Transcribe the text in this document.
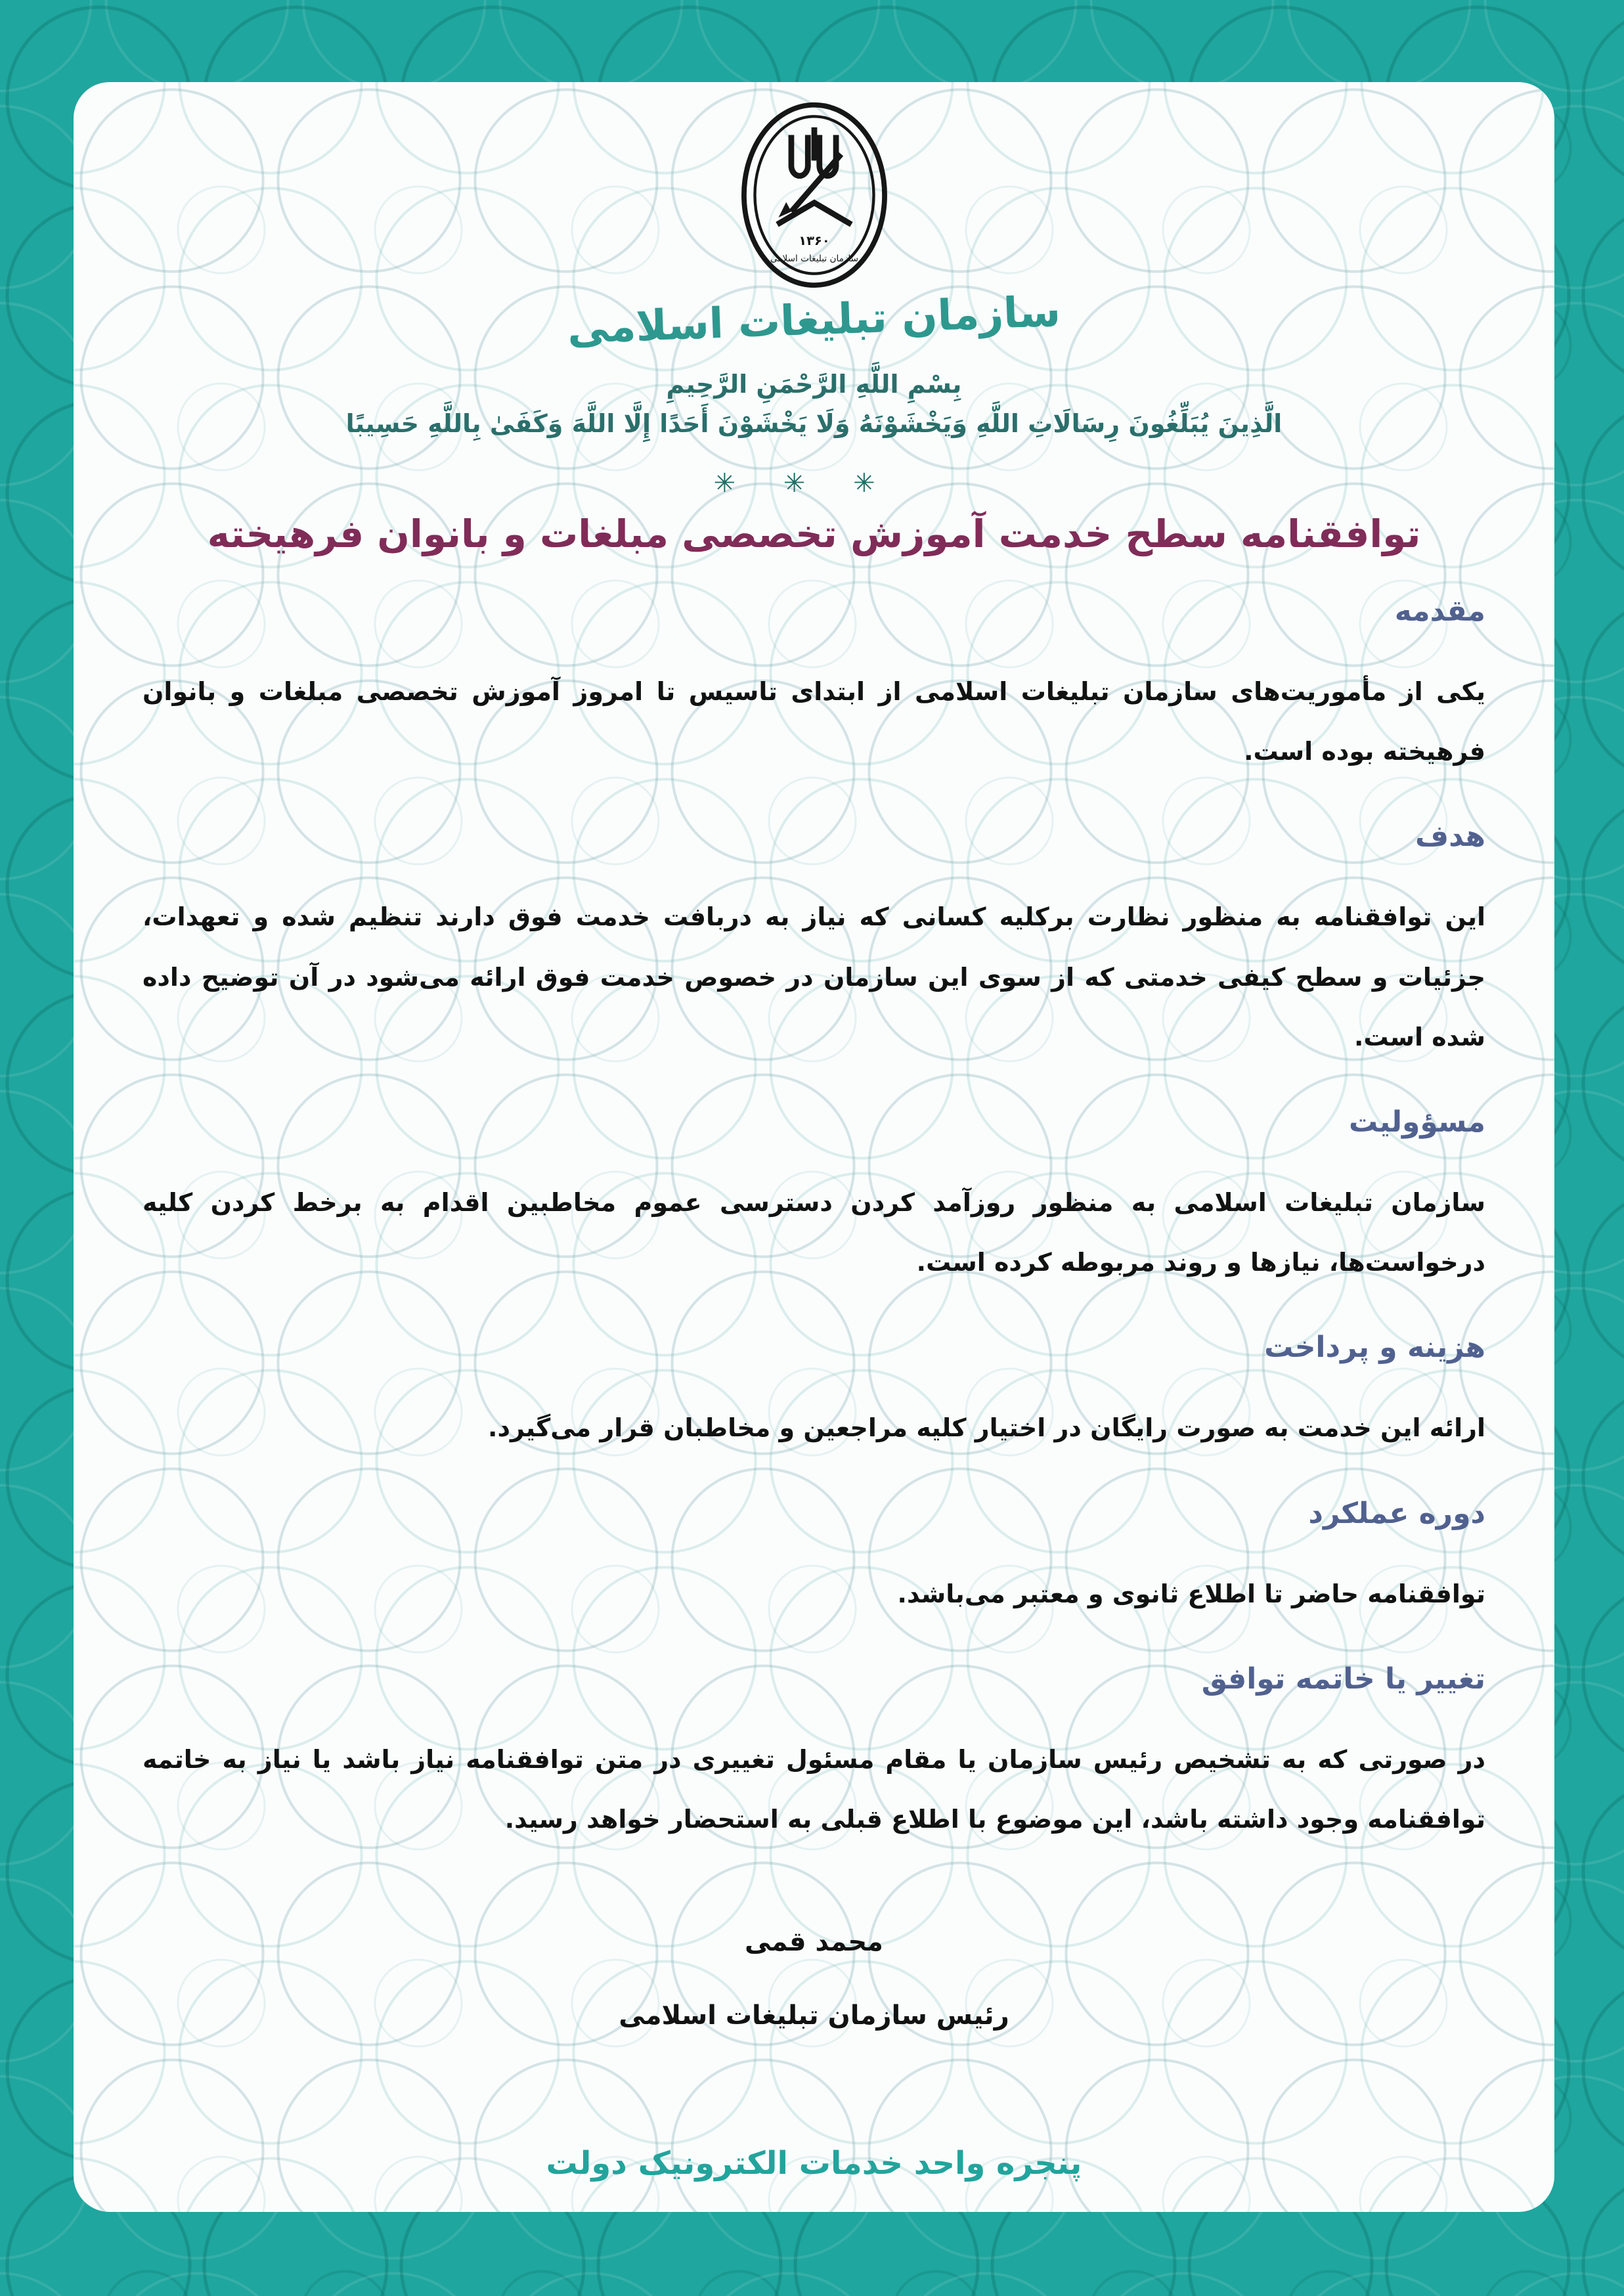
۱۳۶۰
سازمان تبلیغات اسلامی
سازمان تبلیغات اسلامی
بِسْمِ اللَّهِ الرَّحْمَنِ الرَّحِيمِ
الَّذِينَ يُبَلِّغُونَ رِسَالَاتِ اللَّهِ وَيَخْشَوْنَهُ وَلَا يَخْشَوْنَ أَحَدًا إِلَّا اللَّهَ وَكَفَىٰ بِاللَّهِ حَسِيبًا
✳ ✳ ✳
توافقنامه سطح خدمت آموزش تخصصی مبلغات و بانوان فرهیخته
مقدمه

یکی از مأموریت‌های سازمان تبلیغات اسلامی از ابتدای تاسیس تا امروز آموزش تخصصی مبلغات و بانوان فرهیخته بوده است.

هدف

این توافقنامه به منظور نظارت برکلیه کسانی که نیاز به دربافت خدمت فوق دارند تنظیم شده و تعهدات، جزئیات و سطح کیفی خدمتی که از سوی این سازمان در خصوص خدمت فوق ارائه می‌شود در آن توضیح داده شده است.

مسؤولیت

سازمان تبلیغات اسلامی به منظور روزآمد کردن دسترسی عموم مخاطبین اقدام به برخط کردن کلیه درخواست‌ها، نیازها و روند مربوطه کرده است.

هزینه و پرداخت

ارائه این خدمت به صورت رایگان در اختیار کلیه مراجعین و مخاطبان قرار می‌گیرد.

دوره عملکرد

توافقنامه حاضر تا اطلاع ثانوی و معتبر می‌باشد.

تغییر یا خاتمه توافق

در صورتی که به تشخیص رئیس سازمان یا مقام مسئول تغییری در متن توافقنامه نیاز باشد یا نیاز به خاتمه توافقنامه وجود داشته باشد، این موضوع با اطلاع قبلی به استحضار خواهد رسید.

محمد قمی
رئیس سازمان تبلیغات اسلامی
پنجره واحد خدمات الکترونیک دولت
